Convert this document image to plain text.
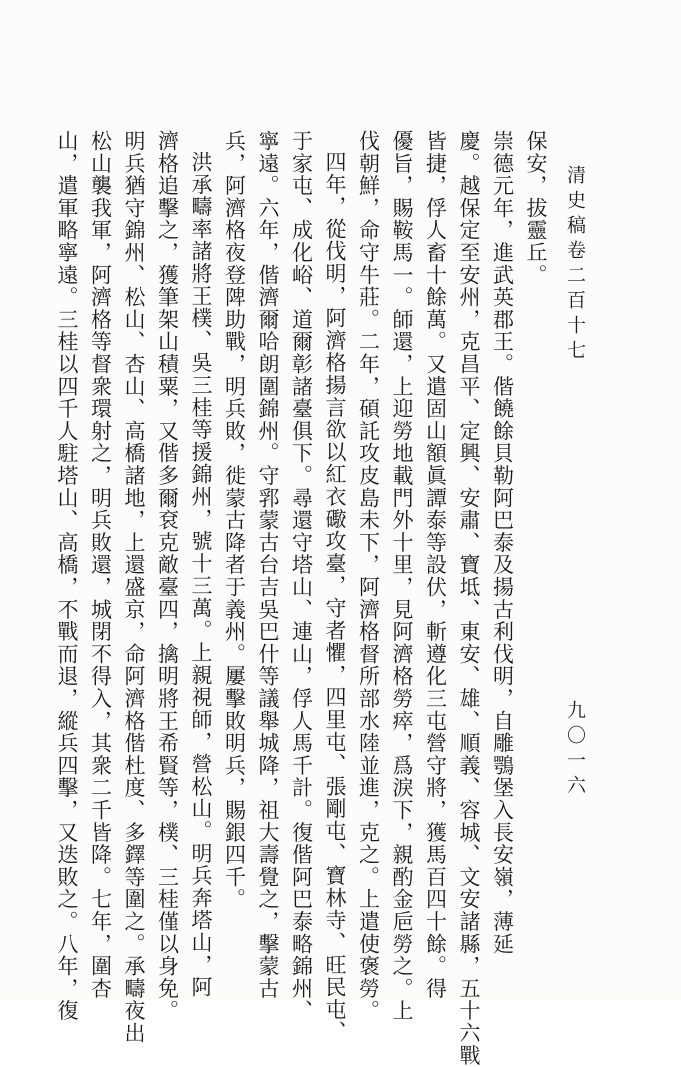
清史稿卷二百十七
九〇一六
保安，拔靈丘。
崇德元年，進武英郡王。偕饒餘貝勒阿巴泰及揚古利伐明，自雕鶚堡入長安嶺，薄延
慶。越保定至安州，克昌平、定興、安肅、寶坻、東安、雄、順義、容城、文安諸縣，五十六戰
皆捷，俘人畜十餘萬。又遣固山額眞譚泰等設伏，斬遵化三屯營守將，獲馬百四十餘。得
優旨，賜鞍馬一。師還，上迎勞地載門外十里，見阿濟格勞瘁，爲淚下，親酌金巵勞之。上
伐朝鮮，命守牛莊。二年，碩託攻皮島未下，阿濟格督所部水陸並進，克之。上遣使褒勞。
四年，從伐明，阿濟格揚言欲以紅衣礮攻臺，守者懼，四里屯、張剛屯、寶林寺、旺民屯、
于家屯、成化峪、道爾彰諸臺俱下。尋還守塔山、連山，俘人馬千計。復偕阿巴泰略錦州、
寧遠。六年，偕濟爾哈朗圍錦州。守郛蒙古台吉吳巴什等議舉城降，祖大壽覺之，擊蒙古
兵，阿濟格夜登陴助戰，明兵敗，徙蒙古降者于義州。屢擊敗明兵，賜銀四千。
洪承疇率諸將王樸、吳三桂等援錦州，號十三萬。上親視師，營松山。明兵奔塔山，阿
濟格追擊之，獲筆架山積粟，又偕多爾袞克敵臺四，擒明將王希賢等，樸、三桂僅以身免。
明兵猶守錦州、松山、杏山、高橋諸地，上還盛京，命阿濟格偕杜度、多鐸等圍之。承疇夜出
松山襲我軍，阿濟格等督衆環射之，明兵敗還，城閉不得入，其衆二千皆降。七年，圍杏
山，遣軍略寧遠。三桂以四千人駐塔山、高橋，不戰而退，縱兵四擊，又迭敗之。八年，復
